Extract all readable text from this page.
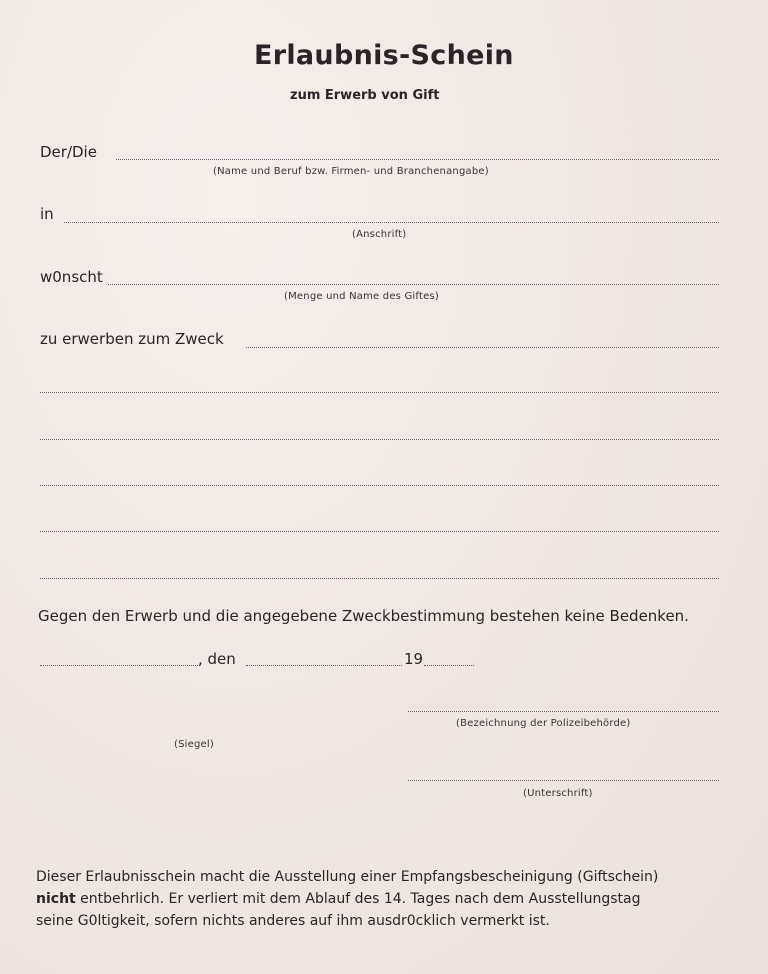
Erlaubnis-Schein
zum Erwerb von Gift
Der/Die
(Name und Beruf bzw. Firmen- und Branchenangabe)
in
(Anschrift)
w0nscht
(Menge und Name des Giftes)
zu erwerben zum Zweck
Gegen den Erwerb und die angegebene Zweckbestimmung bestehen keine Bedenken.
, den	19
(Bezeichnung der Polizeibehörde)
(Siegel)
(Unterschrift)
Dieser Erlaubnisschein macht die Ausstellung einer Empfangsbescheinigung (Giftschein)
nicht entbehrlich. Er verliert mit dem Ablauf des 14. Tages nach dem Ausstellungstag
seine G0ltigkeit, sofern nichts anderes auf ihm ausdr0cklich vermerkt ist.
